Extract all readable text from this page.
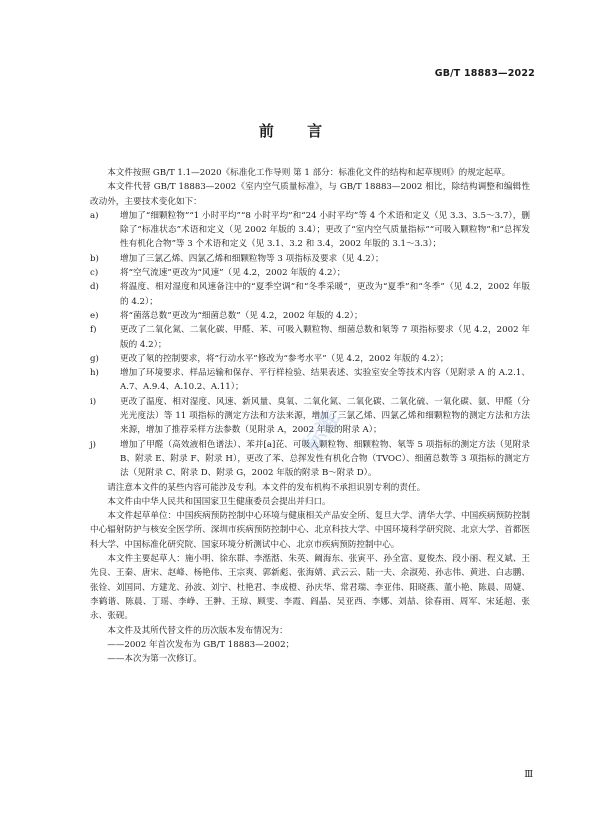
GB/T 18883—2022
前 言

本文件按照 GB/T 1.1—2020《标准化工作导则 第 1 部分：标准化文件的结构和起草规则》的规定起草。

本文件代替 GB/T 18883—2002《室内空气质量标准》，与 GB/T 18883—2002 相比，除结构调整和编辑性改动外，主要技术变化如下：

a)	增加了“细颗粒物”“1 小时平均”“8 小时平均”和“24 小时平均”等 4 个术语和定义（见 3.3、3.5～3.7），删除了“标准状态”术语和定义（见 2002 年版的 3.4）；更改了“室内空气质量指标”“可吸入颗粒物”和“总挥发性有机化合物”等 3 个术语和定义（见 3.1、3.2 和 3.4，2002 年版的 3.1～3.3）；
b)	增加了三氯乙烯、四氯乙烯和细颗粒物等 3 项指标及要求（见 4.2）；
c)	将“空气流速”更改为“风速”（见 4.2，2002 年版的 4.2）；
d)	将温度、相对湿度和风速备注中的“夏季空调”和“冬季采暖”，更改为“夏季”和“冬季”（见 4.2，2002 年版的 4.2）；
e)	将“菌落总数”更改为“细菌总数”（见 4.2，2002 年版的 4.2）；
f)	更改了二氧化氮、二氧化碳、甲醛、苯、可吸入颗粒物、细菌总数和氡等 7 项指标要求（见 4.2，2002 年版的 4.2）；
g)	更改了氡的控制要求，将“行动水平”修改为“参考水平”（见 4.2，2002 年版的 4.2）；
h)	增加了环境要求、样品运输和保存、平行样检验、结果表述、实验室安全等技术内容（见附录 A 的 A.2.1、A.7、A.9.4、A.10.2、A.11）；
i)	更改了温度、相对湿度、风速、新风量、臭氧、二氧化氮、二氧化碳、二氧化硫、一氧化碳、氨、甲醛（分光光度法）等 11 项指标的测定方法和方法来源，增加了三氯乙烯、四氯乙烯和细颗粒物的测定方法和方法来源，增加了推荐采样方法参数（见附录 A，2002 年版的附录 A）；
j)	增加了甲醛（高效液相色谱法）、苯并[a]芘、可吸入颗粒物、细颗粒物、氡等 5 项指标的测定方法（见附录 B、附录 E、附录 F、附录 H），更改了苯、总挥发性有机化合物（TVOC）、细菌总数等 3 项指标的测定方法（见附录 C、附录 D、附录 G，2002 年版的附录 B～附录 D）。

请注意本文件的某些内容可能涉及专利。本文件的发布机构不承担识别专利的责任。

本文件由中华人民共和国国家卫生健康委员会提出并归口。

本文件起草单位：中国疾病预防控制中心环境与健康相关产品安全所、复旦大学、清华大学、中国疾病预防控制中心辐射防护与核安全医学所、深圳市疾病预防控制中心、北京科技大学、中国环境科学研究院、北京大学、首都医科大学、中国标准化研究院、国家环境分析测试中心、北京市疾病预防控制中心。

本文件主要起草人：施小明、徐东群、李湉湉、朱英、阚海东、张寅平、孙全富、夏俊杰、段小丽、程义斌、王先良、王秦、唐宋、赵峰、杨艳伟、王宗爽、郭新彪、张海婧、武云云、陆一夫、余淑苑、孙志伟、黄进、白志鹏、张铨、刘国同、方建龙、孙波、刘宁、杜艳君、李成橙、孙庆华、常君瑞、李亚伟、阳晓燕、董小艳、陈晨、周婕、李鹤谐、陈晨、丁瑶、李峥、王翀、王琼、顾雯、李霞、阎晶、吴亚西、李娜、刘喆、徐春雨、周军、宋延超、张永、张砚。

本文件及其所代替文件的历次版本发布情况为：

——2002 年首次发布为 GB/T 18883—2002；

——本次为第一次修订。

标准
Ⅲ
